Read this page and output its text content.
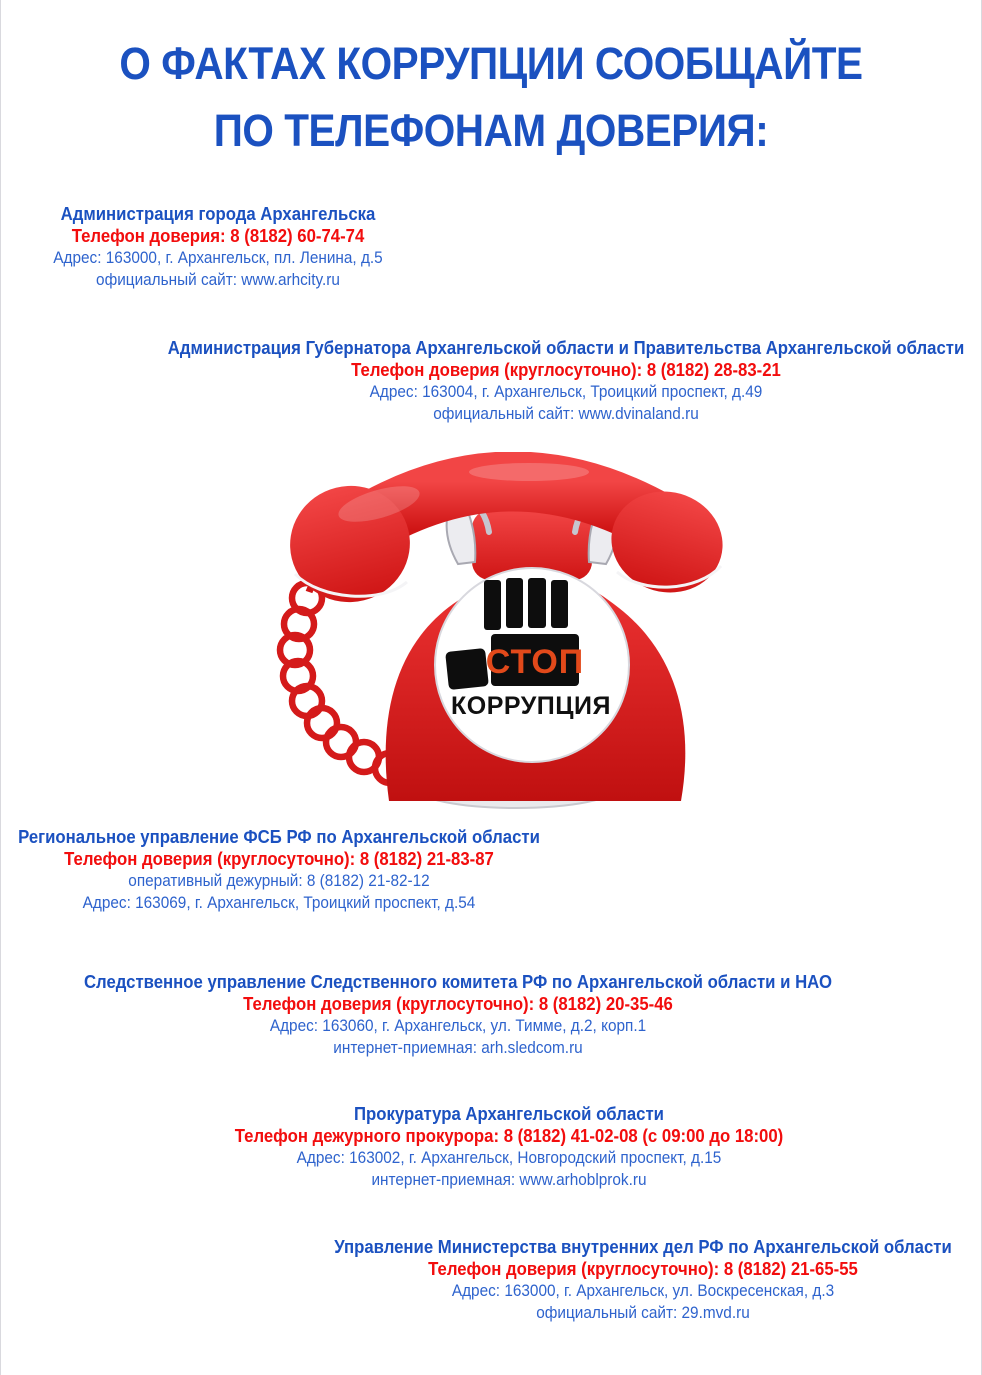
О ФАКТАХ КОРРУПЦИИ СООБЩАЙТЕ
ПО ТЕЛЕФОНАМ ДОВЕРИЯ:
Администрация города Архангельска
Телефон доверия: 8 (8182) 60-74-74
Адрес: 163000, г. Архангельск, пл. Ленина, д.5
официальный сайт: www.arhcity.ru
Администрация Губернатора Архангельской области и Правительства Архангельской области
Телефон доверия (круглосуточно): 8 (8182) 28-83-21
Адрес: 163004, г. Архангельск, Троицкий проспект, д.49
официальный сайт: www.dvinaland.ru
СТОП
КОРРУПЦИЯ
Региональное управление ФСБ РФ по Архангельской области
Телефон доверия (круглосуточно): 8 (8182) 21-83-87
оперативный дежурный: 8 (8182) 21-82-12
Адрес: 163069, г. Архангельск, Троицкий проспект, д.54
Следственное управление Следственного комитета РФ по Архангельской области и НАО
Телефон доверия (круглосуточно): 8 (8182) 20-35-46
Адрес: 163060, г. Архангельск, ул. Тимме, д.2, корп.1
интернет-приемная: arh.sledcom.ru
Прокуратура Архангельской области
Телефон дежурного прокурора: 8 (8182) 41-02-08 (с 09:00 до 18:00)
Адрес: 163002, г. Архангельск, Новгородский проспект, д.15
интернет-приемная: www.arhoblprok.ru
Управление Министерства внутренних дел РФ по Архангельской области
Телефон доверия (круглосуточно): 8 (8182) 21-65-55
Адрес: 163000, г. Архангельск, ул. Воскресенская, д.3
официальный сайт: 29.mvd.ru
